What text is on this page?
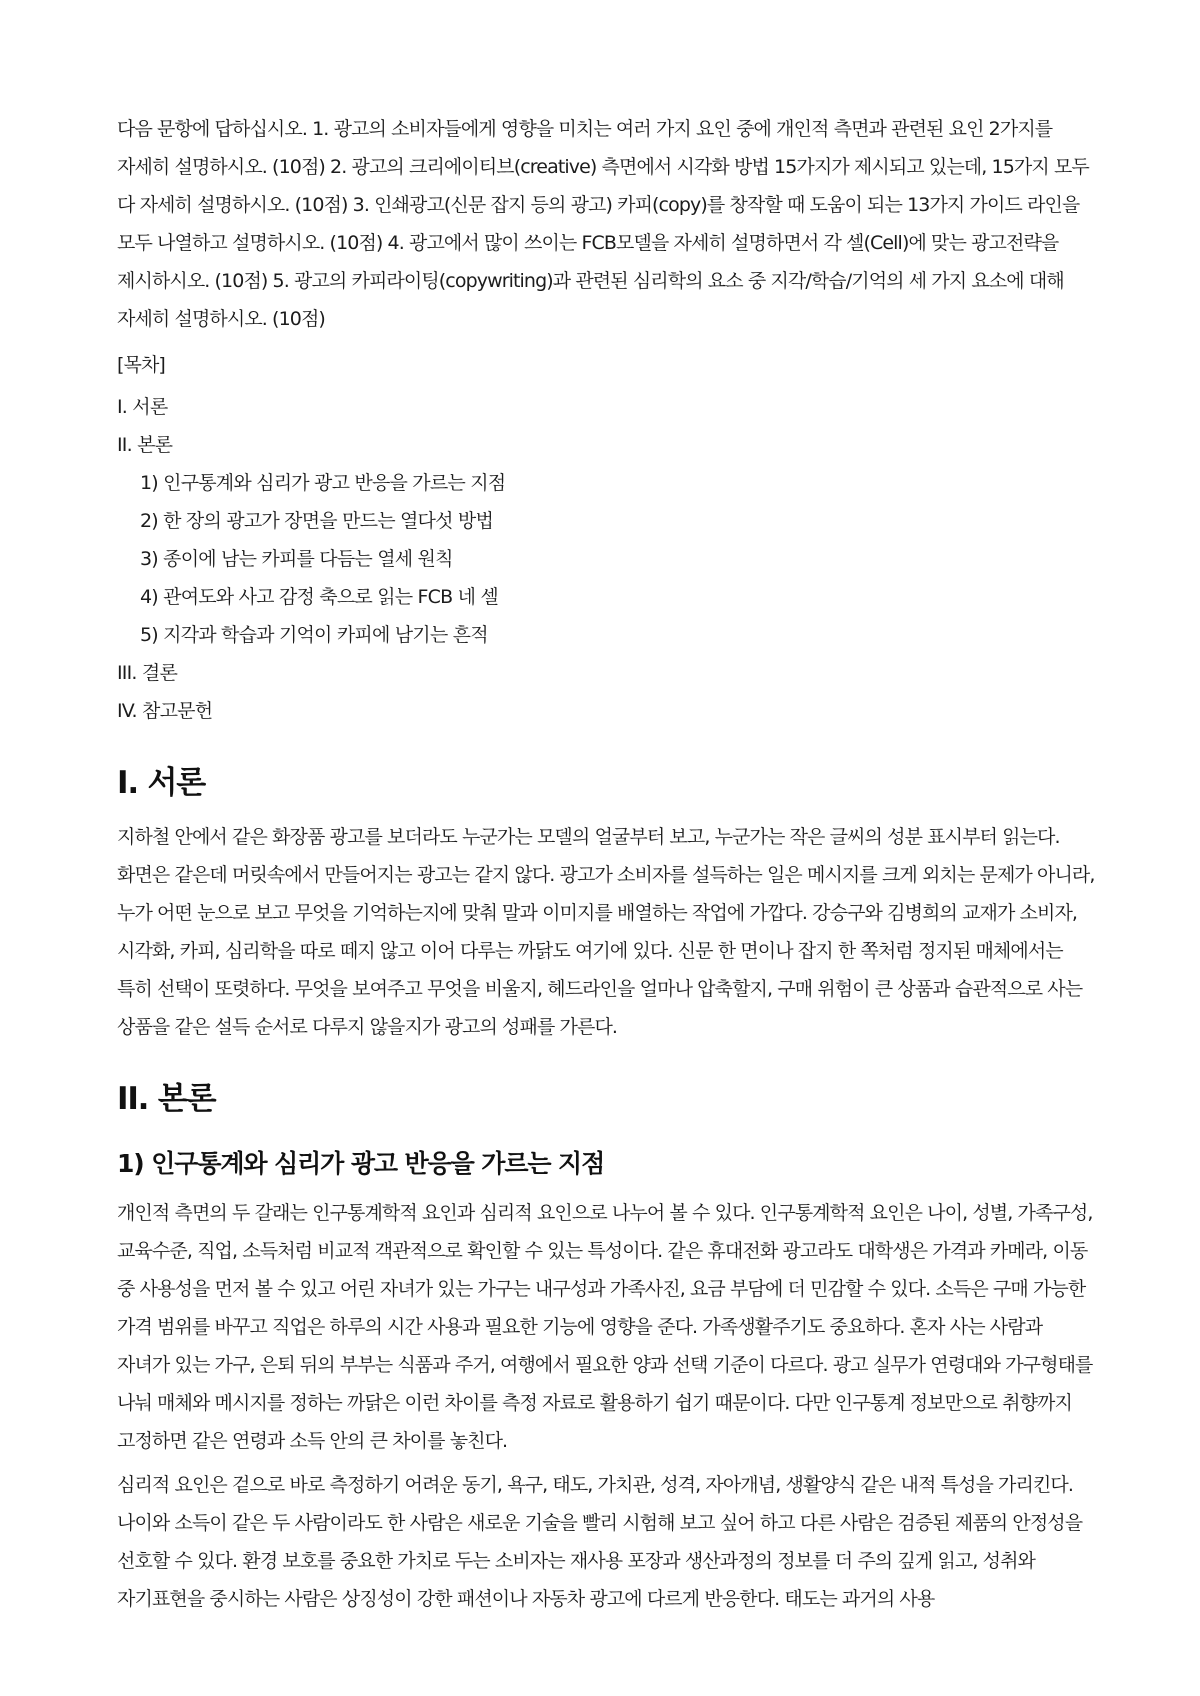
다음 문항에 답하십시오. 1. 광고의 소비자들에게 영향을 미치는 여러 가지 요인 중에 개인적 측면과 관련된 요인 2가지를 자세히 설명하시오. (10점) 2. 광고의 크리에이티브(creative) 측면에서 시각화 방법 15가지가 제시되고 있는데, 15가지 모두 다 자세히 설명하시오. (10점) 3. 인쇄광고(신문 잡지 등의 광고) 카피(copy)를 창작할 때 도움이 되는 13가지 가이드 라인을 모두 나열하고 설명하시오. (10점) 4. 광고에서 많이 쓰이는 FCB모델을 자세히 설명하면서 각 셀(Cell)에 맞는 광고전략을 제시하시오. (10점) 5. 광고의 카피라이팅(copywriting)과 관련된 심리학의 요소 중 지각/학습/기억의 세 가지 요소에 대해 자세히 설명하시오. (10점)

[목차]

I. 서론
II. 본론
1) 인구통계와 심리가 광고 반응을 가르는 지점
2) 한 장의 광고가 장면을 만드는 열다섯 방법
3) 종이에 남는 카피를 다듬는 열세 원칙
4) 관여도와 사고 감정 축으로 읽는 FCB 네 셀
5) 지각과 학습과 기억이 카피에 남기는 흔적
III. 결론
IV. 참고문헌
I. 서론

지하철 안에서 같은 화장품 광고를 보더라도 누군가는 모델의 얼굴부터 보고, 누군가는 작은 글씨의 성분 표시부터 읽는다. 화면은 같은데 머릿속에서 만들어지는 광고는 같지 않다. 광고가 소비자를 설득하는 일은 메시지를 크게 외치는 문제가 아니라, 누가 어떤 눈으로 보고 무엇을 기억하는지에 맞춰 말과 이미지를 배열하는 작업에 가깝다. 강승구와 김병희의 교재가 소비자, 시각화, 카피, 심리학을 따로 떼지 않고 이어 다루는 까닭도 여기에 있다. 신문 한 면이나 잡지 한 쪽처럼 정지된 매체에서는 특히 선택이 또렷하다. 무엇을 보여주고 무엇을 비울지, 헤드라인을 얼마나 압축할지, 구매 위험이 큰 상품과 습관적으로 사는 상품을 같은 설득 순서로 다루지 않을지가 광고의 성패를 가른다.

II. 본론
1) 인구통계와 심리가 광고 반응을 가르는 지점

개인적 측면의 두 갈래는 인구통계학적 요인과 심리적 요인으로 나누어 볼 수 있다. 인구통계학적 요인은 나이, 성별, 가족구성, 교육수준, 직업, 소득처럼 비교적 객관적으로 확인할 수 있는 특성이다. 같은 휴대전화 광고라도 대학생은 가격과 카메라, 이동 중 사용성을 먼저 볼 수 있고 어린 자녀가 있는 가구는 내구성과 가족사진, 요금 부담에 더 민감할 수 있다. 소득은 구매 가능한 가격 범위를 바꾸고 직업은 하루의 시간 사용과 필요한 기능에 영향을 준다. 가족생활주기도 중요하다. 혼자 사는 사람과 자녀가 있는 가구, 은퇴 뒤의 부부는 식품과 주거, 여행에서 필요한 양과 선택 기준이 다르다. 광고 실무가 연령대와 가구형태를 나눠 매체와 메시지를 정하는 까닭은 이런 차이를 측정 자료로 활용하기 쉽기 때문이다. 다만 인구통계 정보만으로 취향까지 고정하면 같은 연령과 소득 안의 큰 차이를 놓친다.

심리적 요인은 겉으로 바로 측정하기 어려운 동기, 욕구, 태도, 가치관, 성격, 자아개념, 생활양식 같은 내적 특성을 가리킨다. 나이와 소득이 같은 두 사람이라도 한 사람은 새로운 기술을 빨리 시험해 보고 싶어 하고 다른 사람은 검증된 제품의 안정성을 선호할 수 있다. 환경 보호를 중요한 가치로 두는 소비자는 재사용 포장과 생산과정의 정보를 더 주의 깊게 읽고, 성취와 자기표현을 중시하는 사람은 상징성이 강한 패션이나 자동차 광고에 다르게 반응한다. 태도는 과거의 사용
